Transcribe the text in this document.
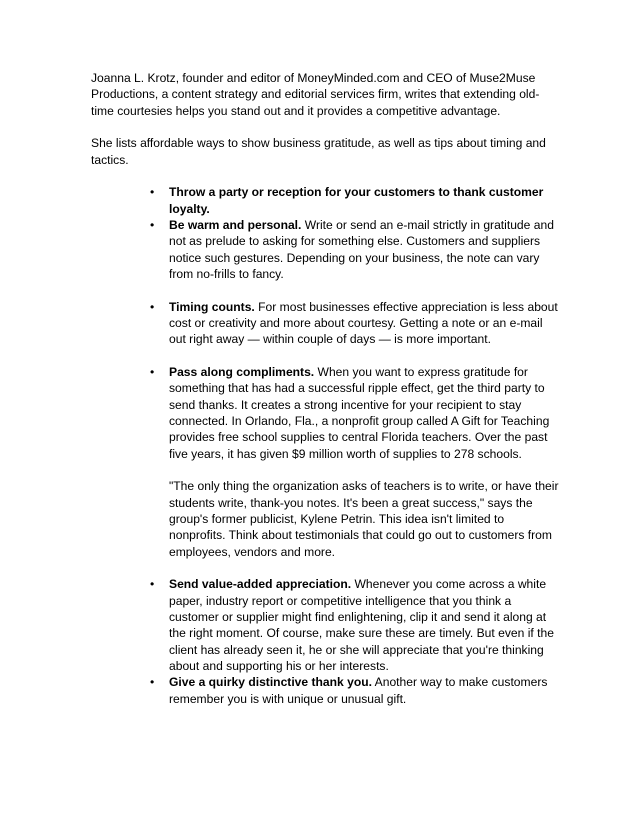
Joanna L. Krotz, founder and editor of MoneyMinded.com and CEO of Muse2Muse Productions, a content strategy and editorial services firm, writes that extending old-time courtesies helps you stand out and it provides a competitive advantage.

She lists affordable ways to show business gratitude, as well as tips about timing and tactics.

• Throw a party or reception for your customers to thank customer loyalty.

• Be warm and personal. Write or send an e-mail strictly in gratitude and not as prelude to asking for something else. Customers and suppliers notice such gestures. Depending on your business, the note can vary from no-frills to fancy.

• Timing counts. For most businesses effective appreciation is less about cost or creativity and more about courtesy. Getting a note or an e-mail out right away — within couple of days — is more important.

• Pass along compliments. When you want to express gratitude for something that has had a successful ripple effect, get the third party to send thanks. It creates a strong incentive for your recipient to stay connected. In Orlando, Fla., a nonprofit group called A Gift for Teaching provides free school supplies to central Florida teachers. Over the past five years, it has given $9 million worth of supplies to 278 schools.

"The only thing the organization asks of teachers is to write, or have their students write, thank-you notes. It's been a great success," says the group's former publicist, Kylene Petrin. This idea isn't limited to nonprofits. Think about testimonials that could go out to customers from employees, vendors and more.

• Send value-added appreciation. Whenever you come across a white paper, industry report or competitive intelligence that you think a customer or supplier might find enlightening, clip it and send it along at the right moment. Of course, make sure these are timely. But even if the client has already seen it, he or she will appreciate that you're thinking about and supporting his or her interests.

• Give a quirky distinctive thank you. Another way to make customers remember you is with unique or unusual gift.
